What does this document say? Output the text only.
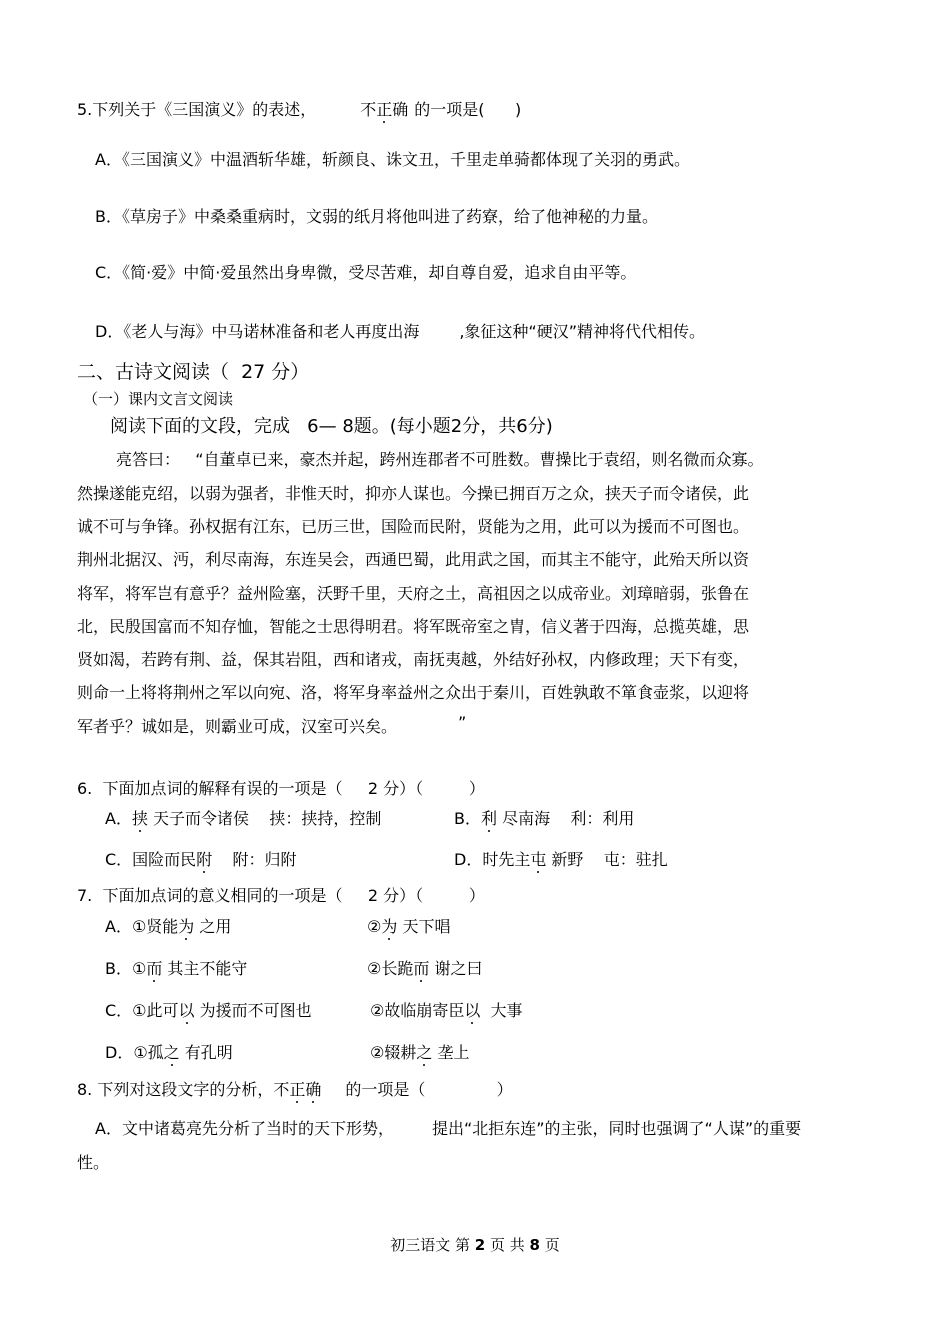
5.下列关于《三国演义》的表述，	不正确 的一项是(      )
A．《三国演义》中温酒斩华雄，斩颜良、诛文丑，千里走单骑都体现了关羽的勇武。
B．《草房子》中桑桑重病时，文弱的纸月将他叫进了药寮，给了他神秘的力量。
C．《简·爱》中简·爱虽然出身卑微，受尽苦难，却自尊自爱，追求自由平等。
D．《老人与海》中马诺林准备和老人再度出海	,象征这种“硬汉”精神将代代相传。
二、古诗文阅读（  27 分）
（一）课内文言文阅读
阅读下面的文段，完成   6— 8题。(每小题2分，共6分)
亮答曰：   “自董卓已来，豪杰并起，跨州连郡者不可胜数。曹操比于袁绍，则名微而众寡。
然操遂能克绍，以弱为强者，非惟天时，抑亦人谋也。今操已拥百万之众，挟天子而令诸侯，此
诚不可与争锋。孙权据有江东，已历三世，国险而民附，贤能为之用，此可以为援而不可图也。
荆州北据汉、沔，利尽南海，东连吴会，西通巴蜀，此用武之国，而其主不能守，此殆天所以资
将军，将军岂有意乎？益州险塞，沃野千里，天府之土，高祖因之以成帝业。刘璋暗弱，张鲁在
北，民殷国富而不知存恤，智能之士思得明君。将军既帝室之胄，信义著于四海，总揽英雄，思
贤如渴，若跨有荆、益，保其岩阻，西和诸戎，南抚夷越，外结好孙权，内修政理；天下有变，
则命一上将将荆州之军以向宛、洛，将军身率益州之众出于秦川，百姓孰敢不箪食壶浆，以迎将
军者乎？诚如是，则霸业可成，汉室可兴矣。	”
6.  下面加点词的解释有误的一项是（     2 分）（         ）
A．挟 天子而令诸侯    挟：挟持，控制	B．利 尽南海    利：利用
C．国险而民附    附：归附	D．时先主屯 新野    屯：驻扎
7.  下面加点词的意义相同的一项是（     2 分）（         ）
A．①贤能为 之用	②为 天下唱
B．①而 其主不能守	②长跪而 谢之曰
C．①此可以 为援而不可图也	②故临崩寄臣以  大事
D．①孤之 有孔明	②辍耕之 垄上
8. 下列对这段文字的分析，不正确 的一项是（              ）
A．文中诸葛亮先分析了当时的天下形势， 提出“北拒东连”的主张，同时也强调了“人谋”的重要
性。
初三语文 第 2 页 共 8 页
